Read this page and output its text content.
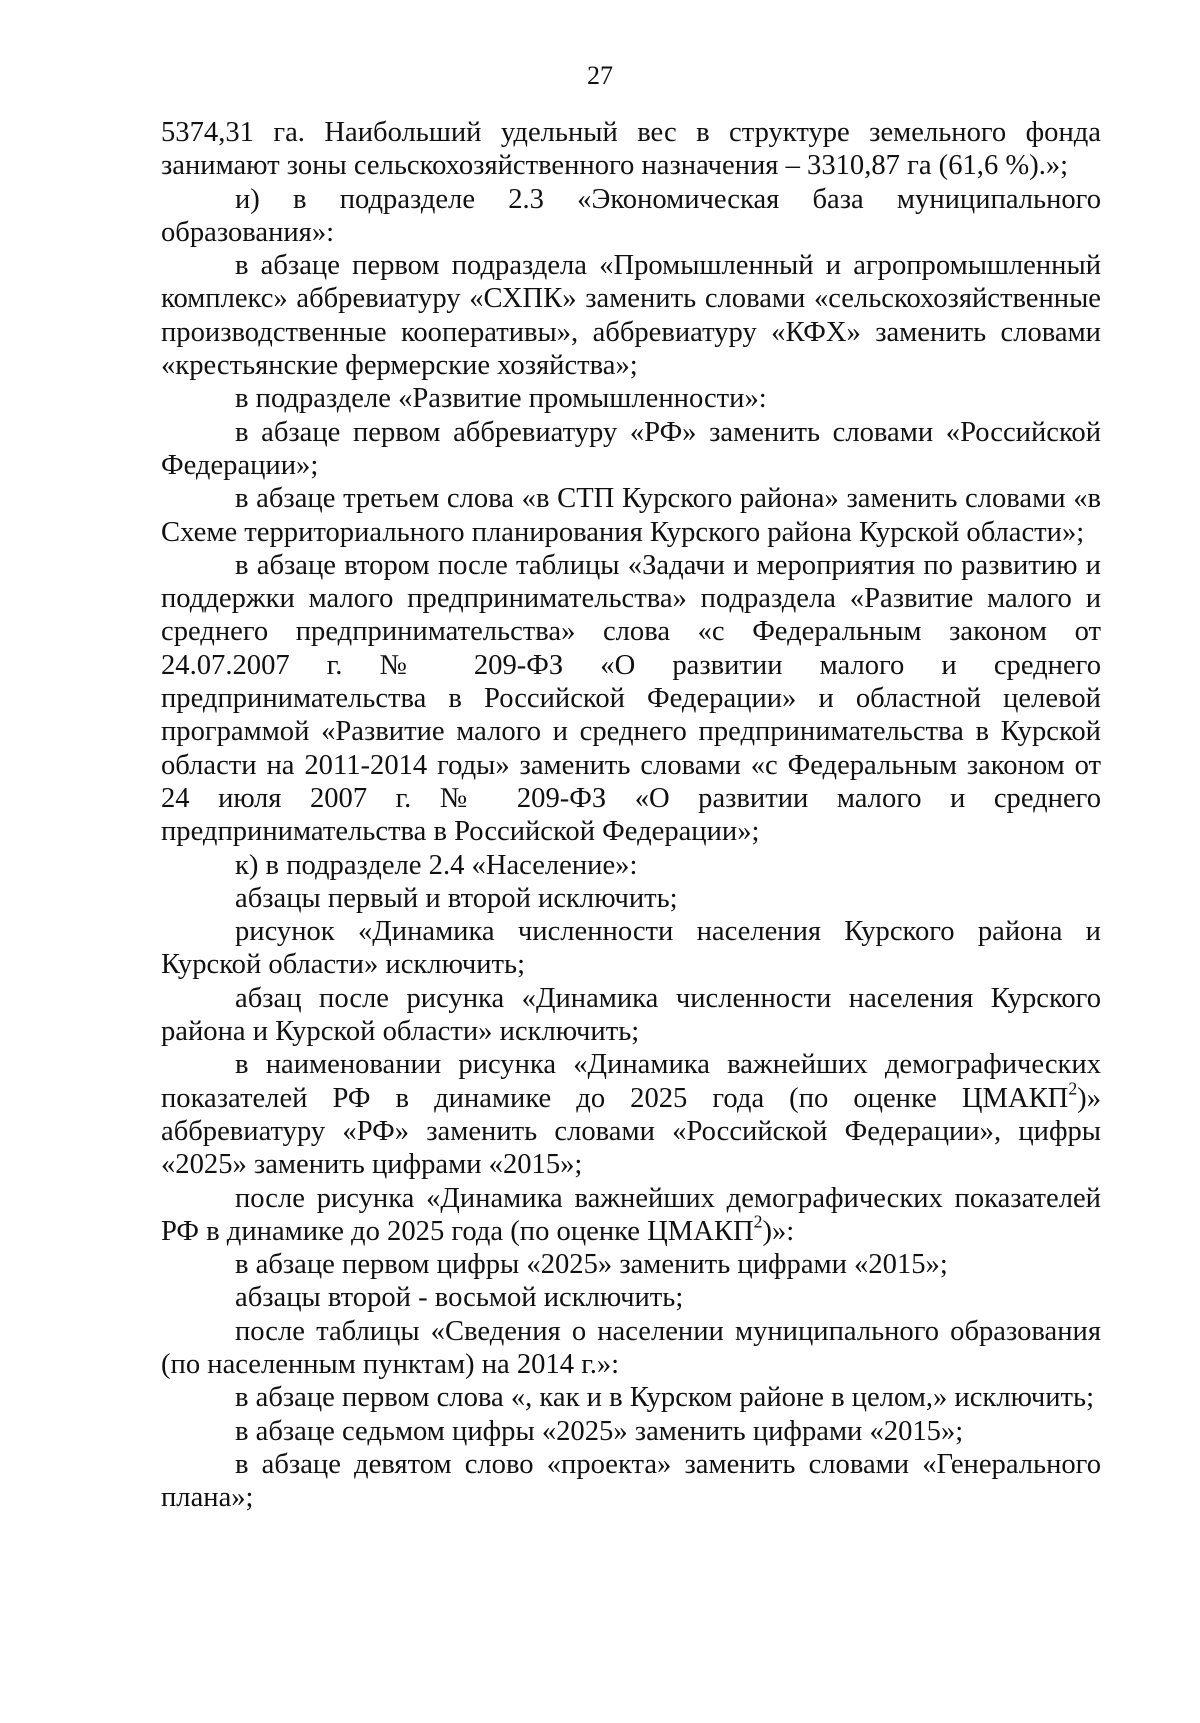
27

5374,31 га. Наибольший удельный вес в структуре земельного фонда занимают зоны сельскохозяйственного назначения – 3310,87 га (61,6 %).»;

и) в подразделе 2.3 «Экономическая база муниципального образования»:

в абзаце первом подраздела «Промышленный и агропромышленный комплекс» аббревиатуру «СХПК» заменить словами «сельскохозяйственные производственные кооперативы», аббревиатуру «КФХ» заменить словами «крестьянские фермерские хозяйства»;

в подразделе «Развитие промышленности»:

в абзаце первом аббревиатуру «РФ» заменить словами «Российской Федерации»;

в абзаце третьем слова «в СТП Курского района» заменить словами «в Схеме территориального планирования Курского района Курской области»;

в абзаце втором после таблицы «Задачи и мероприятия по развитию и поддержки малого предпринимательства» подраздела «Развитие малого и среднего предпринимательства» слова «с Федеральным законом от 24.07.2007 г. № 209-ФЗ «О развитии малого и среднего предпринимательства в Российской Федерации» и областной целевой программой «Развитие малого и среднего предпринимательства в Курской области на 2011-2014 годы» заменить словами «с Федеральным законом от 24 июля 2007 г. № 209-ФЗ «О развитии малого и среднего предпринимательства в Российской Федерации»;

к) в подразделе 2.4 «Население»:

абзацы первый и второй исключить;

рисунок «Динамика численности населения Курского района и Курской области» исключить;

абзац после рисунка «Динамика численности населения Курского района и Курской области» исключить;

в наименовании рисунка «Динамика важнейших демографических показателей РФ в динамике до 2025 года (по оценке ЦМАКП$^2$)» аббревиатуру «РФ» заменить словами «Российской Федерации», цифры «2025» заменить цифрами «2015»;

после рисунка «Динамика важнейших демографических показателей РФ в динамике до 2025 года (по оценке ЦМАКП$^2$)»:

в абзаце первом цифры «2025» заменить цифрами «2015»;

абзацы второй - восьмой исключить;

после таблицы «Сведения о населении муниципального образования (по населенным пунктам) на 2014 г.»:

в абзаце первом слова «, как и в Курском районе в целом,» исключить;

в абзаце седьмом цифры «2025» заменить цифрами «2015»;

в абзаце девятом слово «проекта» заменить словами «Генерального плана»;
